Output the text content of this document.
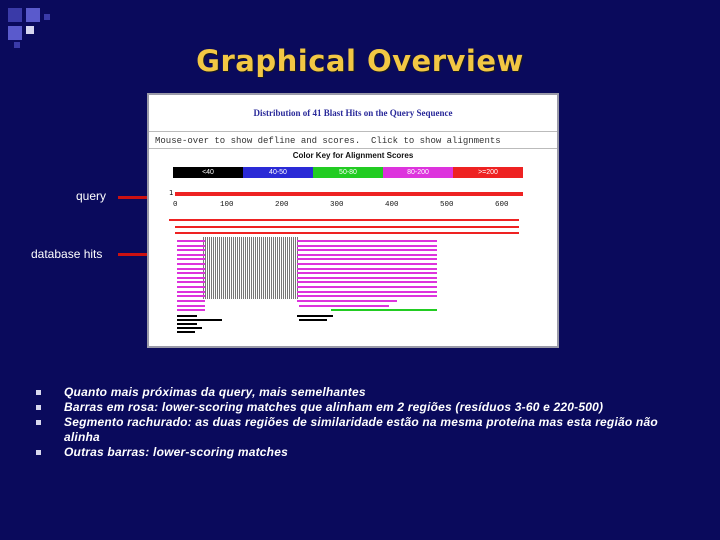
Graphical Overview
query
database hits
Distribution of 41 Blast Hits on the Query Sequence
Mouse-over to show defline and scores.  Click to show alignments
Color Key for Alignment Scores
<40	40-50	50-80	80-200	>=200
1
0	100	200	300	400	500	600
Quanto mais próximas da query, mais semelhantes
Barras em rosa: lower-scoring matches que alinham em 2 regiões (resíduos 3-60 e 220-500)
Segmento rachurado: as duas regiões de similaridade estão na mesma proteína mas esta região não alinha
Outras barras: lower-scoring matches
